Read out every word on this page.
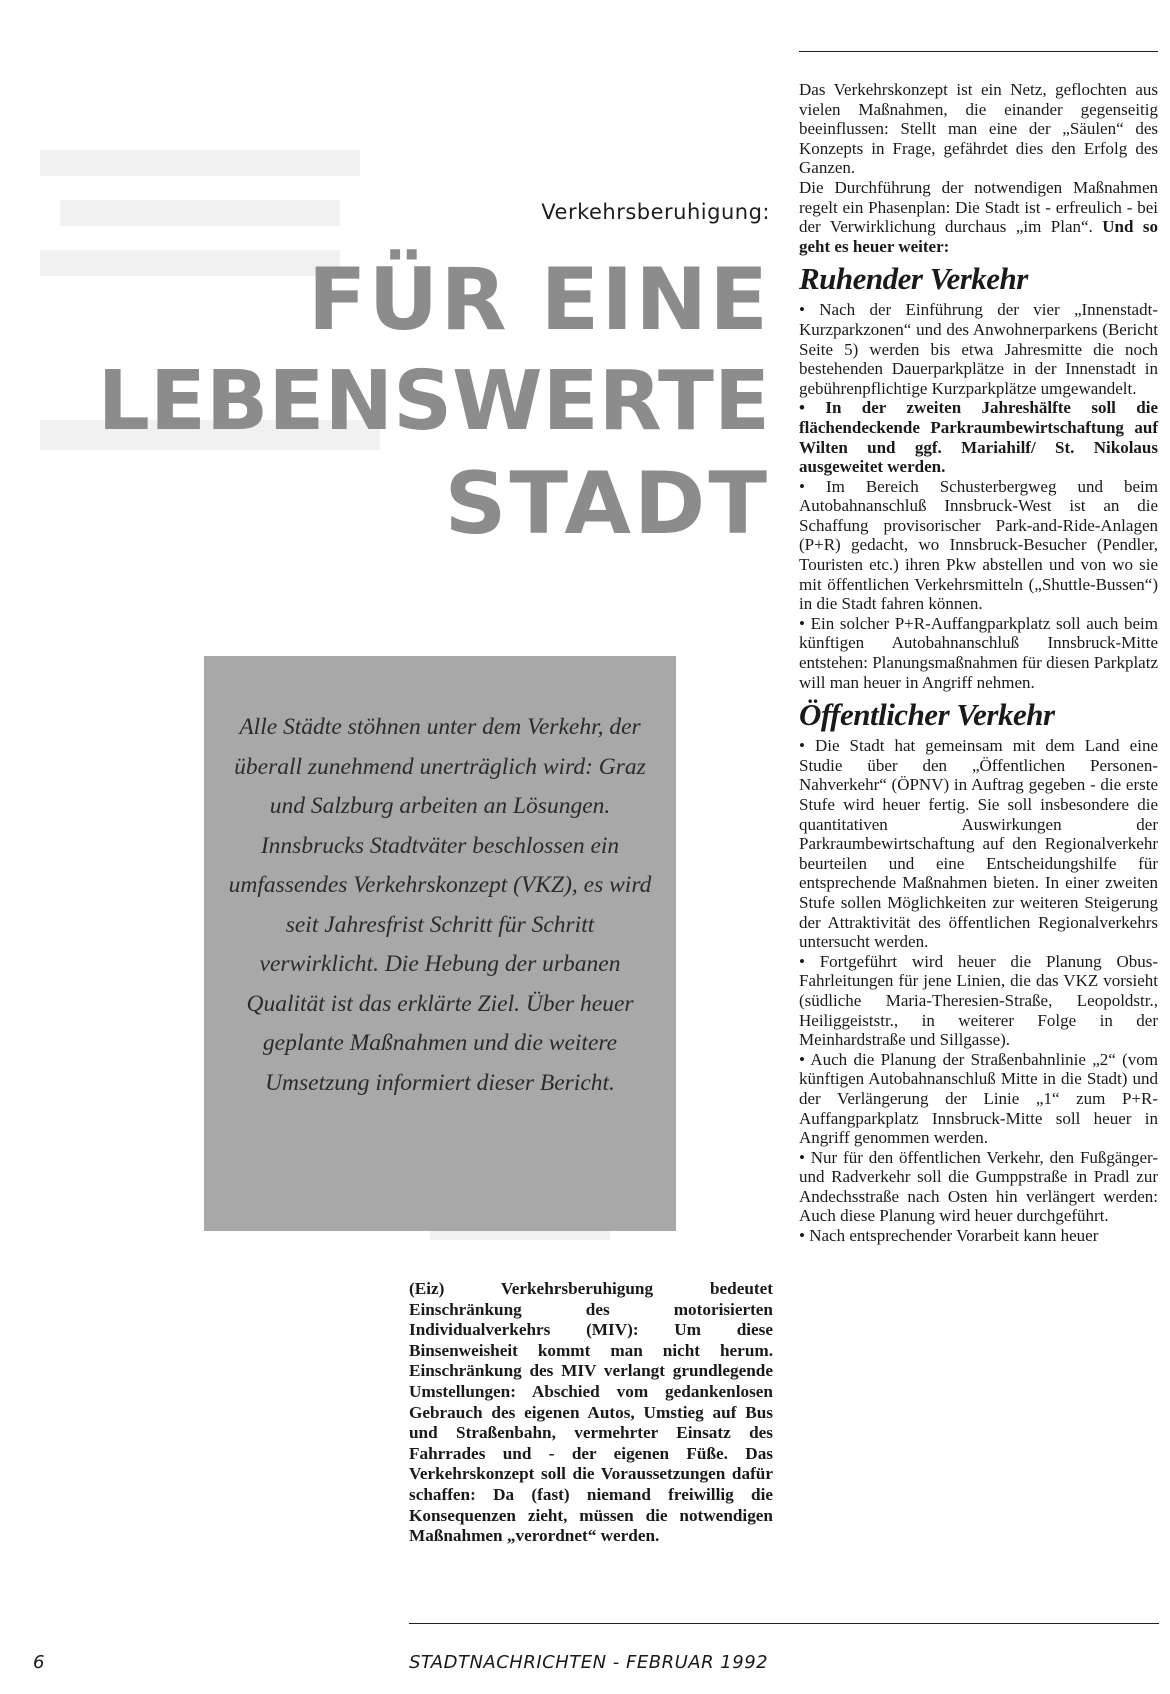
Verkehrsberuhigung:
FÜR EINE
LEBENSWERTE
STADT

Alle Städte stöhnen unter dem Verkehr, der überall zunehmend unerträglich wird: Graz und Salzburg arbeiten an Lösungen. Innsbrucks Stadtväter beschlossen ein umfassendes Verkehrskonzept (VKZ), es wird seit Jahresfrist Schritt für Schritt verwirklicht. Die Hebung der urbanen Qualität ist das erklärte Ziel. Über heuer geplante Maßnahmen und die weitere Umsetzung informiert dieser Bericht.

(Eiz) Verkehrsberuhigung bedeutet Einschränkung des motorisierten Individualverkehrs (MIV): Um diese Binsenweisheit kommt man nicht herum. Einschränkung des MIV verlangt grundlegende Umstellungen: Abschied vom gedankenlosen Gebrauch des eigenen Autos, Umstieg auf Bus und Straßenbahn, vermehrter Einsatz des Fahrrades und - der eigenen Füße. Das Verkehrskonzept soll die Voraussetzungen dafür schaffen: Da (fast) niemand freiwillig die Konsequenzen zieht, müssen die notwendigen Maßnahmen „verordnet“ werden.

Das Verkehrskonzept ist ein Netz, geflochten aus vielen Maßnahmen, die einander gegenseitig beeinflussen: Stellt man eine der „Säulen“ des Konzepts in Frage, gefährdet dies den Erfolg des Ganzen.

Die Durchführung der notwendigen Maßnahmen regelt ein Phasenplan: Die Stadt ist - erfreulich - bei der Verwirklichung durchaus „im Plan“. Und so geht es heuer weiter:

Ruhender Verkehr

• Nach der Einführung der vier „Innenstadt-Kurzparkzonen“ und des Anwohnerparkens (Bericht Seite 5) werden bis etwa Jahresmitte die noch bestehenden Dauerparkplätze in der Innenstadt in gebührenpflichtige Kurzparkplätze umgewandelt.

• In der zweiten Jahreshälfte soll die flächendeckende Parkraumbewirtschaftung auf Wilten und ggf. Mariahilf/ St. Nikolaus ausgeweitet werden.

• Im Bereich Schusterbergweg und beim Autobahnanschluß Innsbruck-West ist an die Schaffung provisorischer Park-and-Ride-Anlagen (P+R) gedacht, wo Innsbruck-Besucher (Pendler, Touristen etc.) ihren Pkw abstellen und von wo sie mit öffentlichen Verkehrsmitteln („Shuttle-Bussen“) in die Stadt fahren können.

• Ein solcher P+R-Auffangparkplatz soll auch beim künftigen Autobahnanschluß Innsbruck-Mitte entstehen: Planungsmaßnahmen für diesen Parkplatz will man heuer in Angriff nehmen.

Öffentlicher Verkehr

• Die Stadt hat gemeinsam mit dem Land eine Studie über den „Öffentlichen Personen-Nahverkehr“ (ÖPNV) in Auftrag gegeben - die erste Stufe wird heuer fertig. Sie soll insbesondere die quantitativen Auswirkungen der Parkraumbewirtschaftung auf den Regionalverkehr beurteilen und eine Entscheidungshilfe für entsprechende Maßnahmen bieten. In einer zweiten Stufe sollen Möglichkeiten zur weiteren Steigerung der Attraktivität des öffentlichen Regionalverkehrs untersucht werden.

• Fortgeführt wird heuer die Planung Obus-Fahrleitungen für jene Linien, die das VKZ vorsieht (südliche Maria-Theresien-Straße, Leopoldstr., Heiliggeiststr., in weiterer Folge in der Meinhardstraße und Sillgasse).

• Auch die Planung der Straßenbahnlinie „2“ (vom künftigen Autobahnanschluß Mitte in die Stadt) und der Verlängerung der Linie „1“ zum P+R-Auffangparkplatz Innsbruck-Mitte soll heuer in Angriff genommen werden.

• Nur für den öffentlichen Verkehr, den Fußgänger- und Radverkehr soll die Gumppstraße in Pradl zur Andechsstraße nach Osten hin verlängert werden: Auch diese Planung wird heuer durchgeführt.

• Nach entsprechender Vorarbeit kann heuer

6	STADTNACHRICHTEN - FEBRUAR 1992
